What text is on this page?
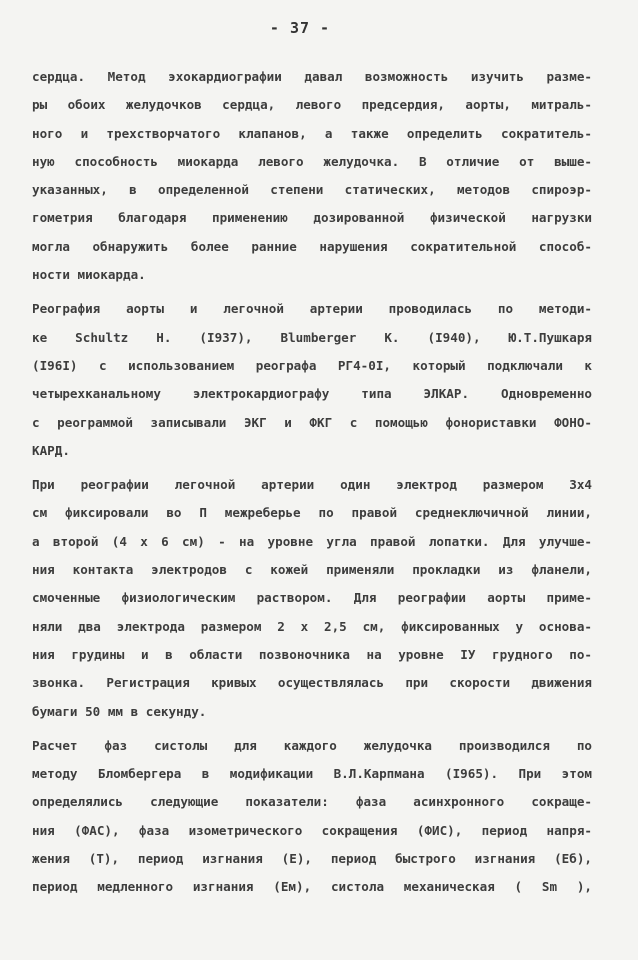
- 37 -
сердца. Метод эхокардиографии давал возможность изучить разме-
ры обоих желудочков сердца, левого предсердия, аорты, митраль-
ного и трехстворчатого клапанов, а также определить сократитель-
ную способность миокарда левого желудочка. В отличие от выше-
указанных, в определенной степени статических, методов спироэр-
гометрия благодаря применению дозированной физической нагрузки
могла обнаружить более ранние нарушения сократительной способ-
ности миокарда.
Реография аорты и легочной артерии проводилась по методи-
ке Schultz H. (I937), Blumberger K. (I940), Ю.Т.Пушкаря
(I96I) с использованием реографа РГ4-0I, который подключали к
четырехканальному электрокардиографу типа ЭЛКАР. Одновременно
с реограммой записывали ЭКГ и ФКГ с помощью фонориставки ФОНО-
КАРД.
При реографии легочной артерии один электрод размером 3х4
см фиксировали во П межреберье по правой среднеключичной линии,
а второй (4 х 6 см) - на уровне угла правой лопатки. Для улучше-
ния контакта электродов с кожей применяли прокладки из фланели,
смоченные физиологическим раствором. Для реографии аорты приме-
няли два электрода размером 2 х 2,5 см, фиксированных у основа-
ния грудины и в области позвоночника на уровне IУ грудного по-
звонка. Регистрация кривых осуществлялась при скорости движения
бумаги 50 мм в секунду.
Расчет фаз систолы для каждого желудочка производился по
методу Бломбергера в модификации В.Л.Карпмана (I965). При этом
определялись следующие показатели: фаза асинхронного сокраще-
ния (ФАС), фаза изометрического сокращения (ФИС), период напря-
жения (Т), период изгнания (Е), период быстрого изгнания (Еб),
период медленного изгнания (Ем), систола механическая ( Sm ),
